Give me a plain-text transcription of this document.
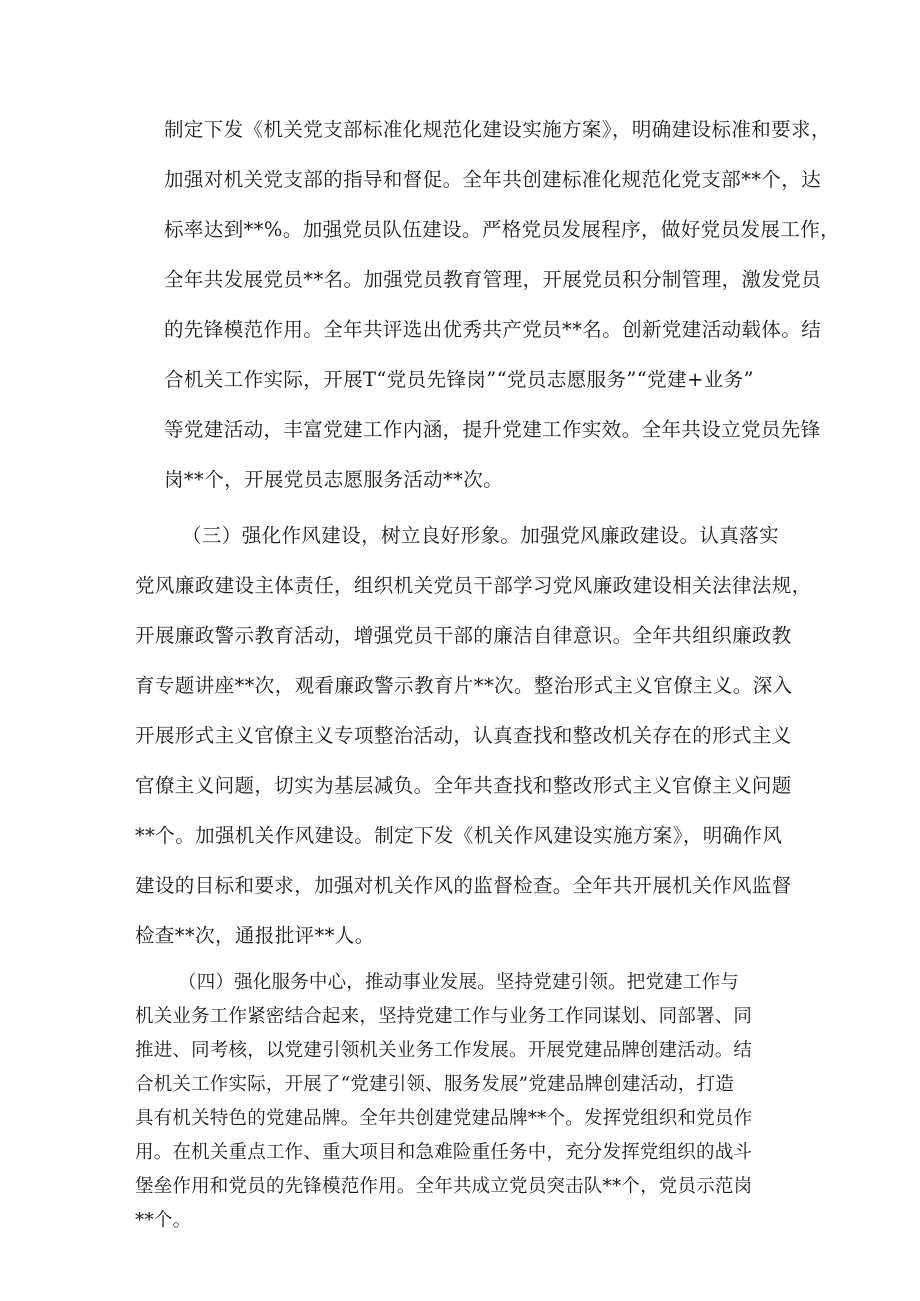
制定下发《机关党支部标准化规范化建设实施方案》，明确建设标准和要求，
加强对机关党支部的指导和督促。全年共创建标准化规范化党支部**个，达
标率达到**%。加强党员队伍建设。严格党员发展程序，做好党员发展工作，
全年共发展党员**名。加强党员教育管理，开展党员积分制管理，激发党员
的先锋模范作用。全年共评选出优秀共产党员**名。创新党建活动载体。结
合机关工作实际，开展T“党员先锋岗”“党员志愿服务”“党建+业务”
等党建活动，丰富党建工作内涵，提升党建工作实效。全年共设立党员先锋
岗**个，开展党员志愿服务活动**次。
（三）强化作风建设，树立良好形象。加强党风廉政建设。认真落实
党风廉政建设主体责任，组织机关党员干部学习党风廉政建设相关法律法规，
开展廉政警示教育活动，增强党员干部的廉洁自律意识。全年共组织廉政教
育专题讲座**次，观看廉政警示教育片**次。整治形式主义官僚主义。深入
开展形式主义官僚主义专项整治活动，认真查找和整改机关存在的形式主义
官僚主义问题，切实为基层减负。全年共查找和整改形式主义官僚主义问题
**个。加强机关作风建设。制定下发《机关作风建设实施方案》，明确作风
建设的目标和要求，加强对机关作风的监督检查。全年共开展机关作风监督
检查**次，通报批评**人。
（四）强化服务中心，推动事业发展。坚持党建引领。把党建工作与
机关业务工作紧密结合起来，坚持党建工作与业务工作同谋划、同部署、同
推进、同考核，以党建引领机关业务工作发展。开展党建品牌创建活动。结
合机关工作实际，开展了“党建引领、服务发展”党建品牌创建活动，打造
具有机关特色的党建品牌。全年共创建党建品牌**个。发挥党组织和党员作
用。在机关重点工作、重大项目和急难险重任务中，充分发挥党组织的战斗
堡垒作用和党员的先锋模范作用。全年共成立党员突击队**个，党员示范岗
**个。
